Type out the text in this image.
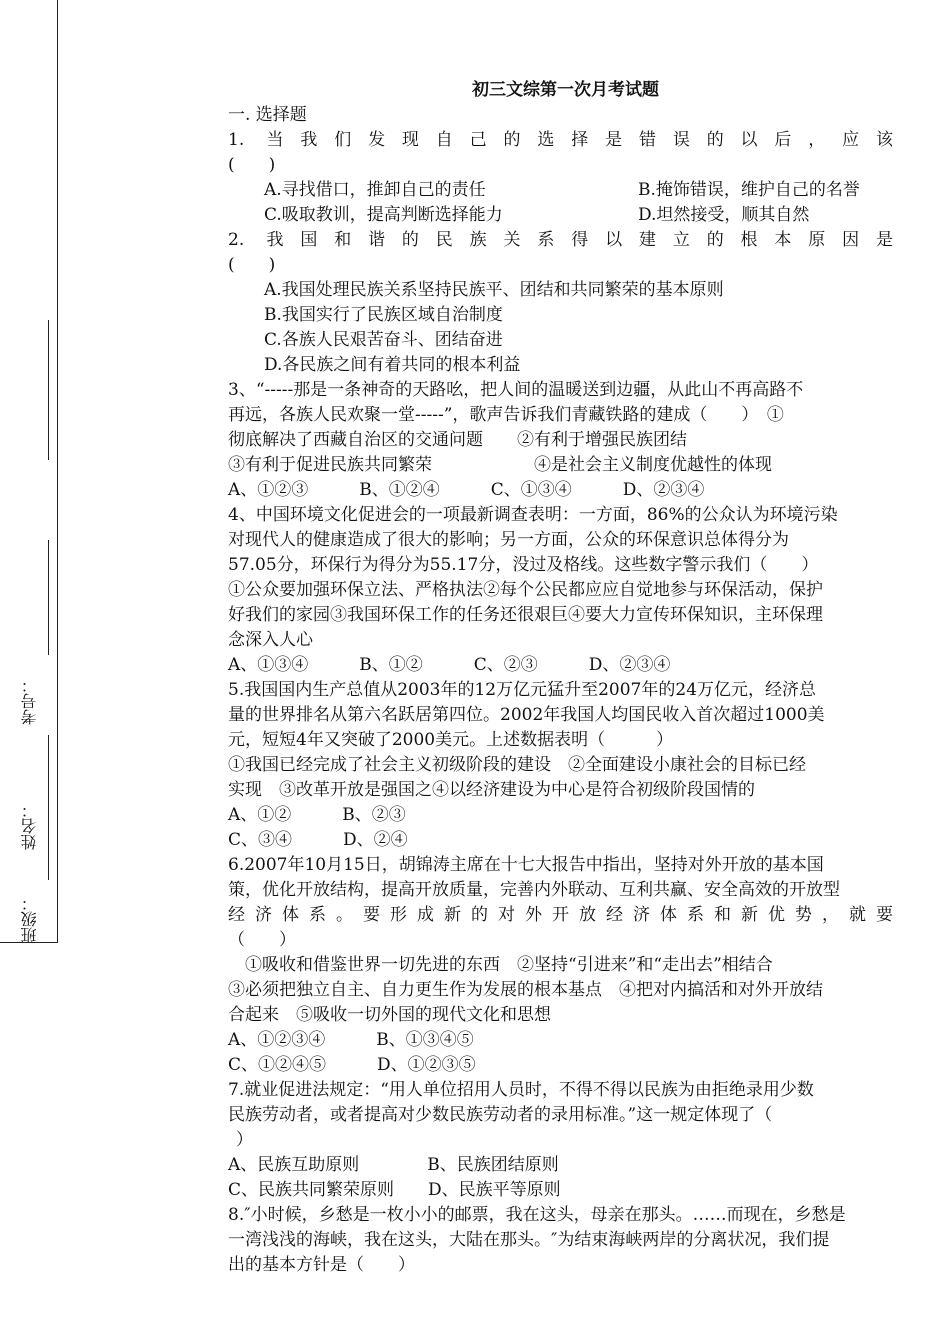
姓名：
考号：
班级：
初三文综第一次月考试题
一. 选择题
1. 当我们发现自己的选择是错误的以后，应该
(　　)
A.寻找借口，推卸自己的责任	B.掩饰错误，维护自己的名誉
C.吸取教训，提高判断选择能力	D.坦然接受，顺其自然
2. 我国和谐的民族关系得以建立的根本原因是
(　　)
A.我国处理民族关系坚持民族平、团结和共同繁荣的基本原则
B.我国实行了民族区域自治制度
C.各族人民艰苦奋斗、团结奋进
D.各民族之间有着共同的根本利益
3、“-----那是一条神奇的天路吆，把人间的温暖送到边疆，从此山不再高路不
再远，各族人民欢聚一堂-----”，歌声告诉我们青藏铁路的建成（　　）　①
彻底解决了西藏自治区的交通问题　　②有利于增强民族团结
③有利于促进民族共同繁荣　　　　　　④是社会主义制度优越性的体现
A、①②③　　　B、①②④　　　C、①③④　　　D、②③④
4、中国环境文化促进会的一项最新调查表明：一方面，86%的公众认为环境污染
对现代人的健康造成了很大的影响；另一方面，公众的环保意识总体得分为
57.05分，环保行为得分为55.17分，没过及格线。这些数字警示我们（　　）
①公众要加强环保立法、严格执法②每个公民都应应自觉地参与环保活动，保护
好我们的家园③我国环保工作的任务还很艰巨④要大力宣传环保知识，主环保理
念深入人心
A、①③④　　　B、①②　　　C、②③　　　D、②③④
5.我国国内生产总值从2003年的12万亿元猛升至2007年的24万亿元，经济总
量的世界排名从第六名跃居第四位。2002年我国人均国民收入首次超过1000美
元，短短4年又突破了2000美元。上述数据表明（　　　）
①我国已经完成了社会主义初级阶段的建设　②全面建设小康社会的目标已经
实现　③改革开放是强国之④以经济建设为中心是符合初级阶段国情的
A、①②　　　B、②③
C、③④　　　D、②④
6.2007年10月15日，胡锦涛主席在十七大报告中指出，坚持对外开放的基本国
策，优化开放结构，提高开放质量，完善内外联动、互利共赢、安全高效的开放型
经济体系。要形成新的对外开放经济体系和新优势，就要
（　　）
　①吸收和借鉴世界一切先进的东西　②坚持“引进来”和“走出去”相结合
③必须把独立自主、自力更生作为发展的根本基点　④把对内搞活和对外开放结
合起来　⑤吸收一切外国的现代文化和思想
A、①②③④　　　B、①③④⑤
C、①②④⑤　　　D、①②③⑤
7.就业促进法规定：“用人单位招用人员时，不得不得以民族为由拒绝录用少数
民族劳动者，或者提高对少数民族劳动者的录用标准。”这一规定体现了（
）
A、民族互助原则　　　　B、民族团结原则
C、民族共同繁荣原则　　D、民族平等原则
8.″小时候，乡愁是一枚小小的邮票，我在这头，母亲在那头。……而现在，乡愁是
一湾浅浅的海峡，我在这头，大陆在那头。″为结束海峡两岸的分离状况，我们提
出的基本方针是（　　）
